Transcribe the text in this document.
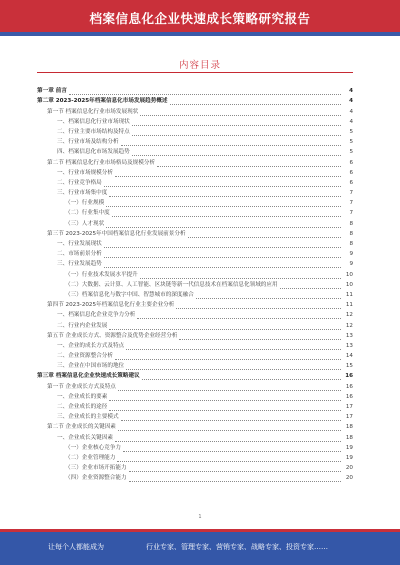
档案信息化企业快速成长策略研究报告
内容目录
第一章 前言	4
第二章 2023-2025年档案信息化市场发展趋势概述	4
第一节 档案信息化行业市场发展现状	4
一、档案信息化行业市场现状	4
二、行业主要市场结构及特点	5
三、行业市场及结构分析	5
四、档案信息化市场发展趋势	5
第二节 档案信息化行业市场格局及规模分析	6
一、行业市场规模分析	6
二、行业竞争格局	6
三、行业市场集中度	7
（一）行业规模	7
（二）行业集中度	7
（三）人才现状	8
第三节 2023-2025年中国档案信息化行业发展前景分析	8
一、行业发展现状	8
二、市场前景分析	9
三、行业发展趋势	9
（一）行业技术发展水平提升	10
（二）大数据、云计算、人工智能、区块链等新一代信息技术在档案信息化领域的应用	10
（三）档案信息化与数字中国、智慧城市的深度融合	11
第四节 2023-2025年档案信息化行业主要企业分析	11
一、档案信息化企业竞争力分析	12
二、行业内企业发展	12
第五节 企业成长方式、资源整合及优势企业经营分析	13
一、企业的成长方式及特点	13
二、企业资源整合分析	14
三、企业在中国市场的地位	15
第三章 档案信息化企业快速成长策略建议	16
第一节 企业成长方式及特点	16
一、企业成长的要素	16
二、企业成长的途径	17
三、企业成长的主要模式	17
第二节 企业成长的关键因素	18
一、企业成长关键因素	18
（一）企业核心竞争力	19
（二）企业管理能力	19
（三）企业市场开拓能力	20
（四）企业资源整合能力	20
1
让每个人都能成为	行业专家、管理专家、营销专家、战略专家、投资专家……
